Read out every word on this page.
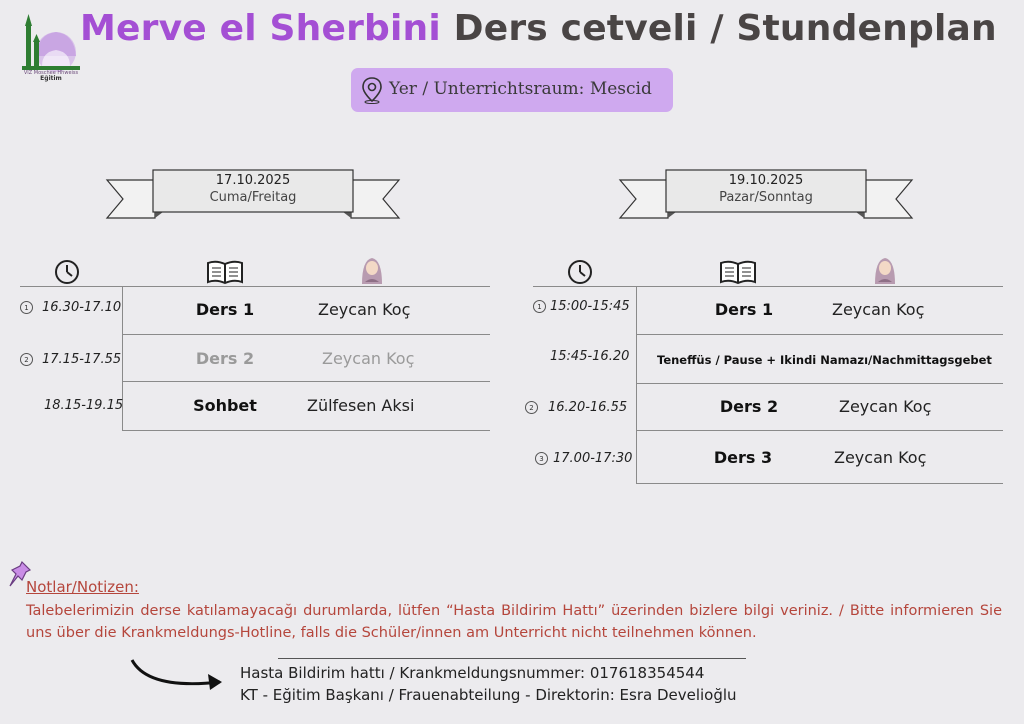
VIZ Moschee Hhweiss
Eğitim
Merve el Sherbini Ders cetveli / Stundenplan
Yer / Unterrichtsraum: Mescid
17.10.2025
Cuma/Freitag
1	16.30-17.10	Ders 1	Zeycan Koç
2	17.15-17.55	Ders 2	Zeycan Koç
18.15-19.15	Sohbet	Zülfesen Aksi
19.10.2025
Pazar/Sonntag
1 15:00-15:45	Ders 1	Zeycan Koç
15:45-16.20 Teneffüs / Pause + Ikindi Namazı/Nachmittagsgebet
2	16.20-16.55	Ders 2	Zeycan Koç
3 17.00-17:30	Ders 3	Zeycan Koç
Notlar/Notizen:
Talebelerimizin derse katılamayacağı durumlarda, lütfen “Hasta Bildirim Hattı” üzerinden bizlere bilgi veriniz. / Bitte informieren Sie uns über die Krankmeldungs-Hotline, falls die Schüler/innen am Unterricht nicht teilnehmen können.
Hasta Bildirim hattı / Krankmeldungsnummer: 017618354544
KT - Eğitim Başkanı / Frauenabteilung - Direktorin: Esra Develioğlu
